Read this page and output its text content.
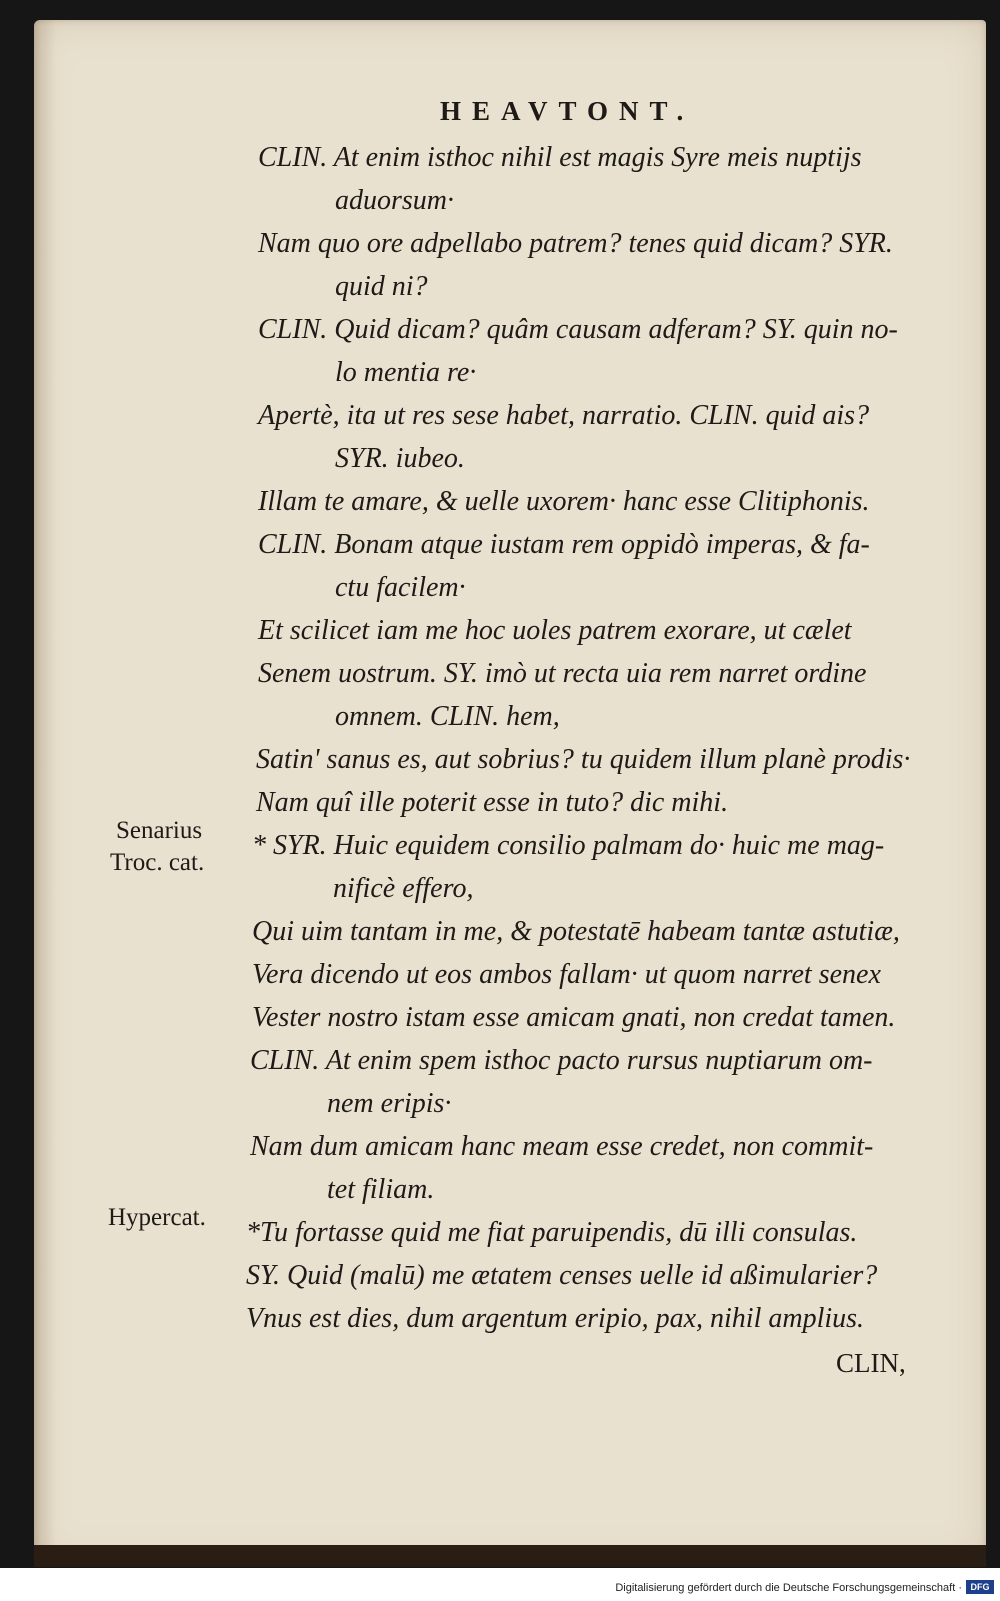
HEAVTONT.
CLIN. At enim isthoc nihil est magis Syre meis nuptijs
aduorsum·
Nam quo ore adpellabo patrem? tenes quid dicam? SYR.
quid ni?
CLIN. Quid dicam? quâm causam adferam? SY. quin no-
lo mentia re·
Apertè, ita ut res sese habet, narratio. CLIN. quid ais?
SYR. iubeo.
Illam te amare, & uelle uxorem· hanc esse Clitiphonis.
CLIN. Bonam atque iustam rem oppidò imperas, & fa-
ctu facilem·
Et scilicet iam me hoc uoles patrem exorare, ut cælet
Senem uostrum. SY. imò ut recta uia rem narret ordine
omnem. CLIN. hem,
Satin' sanus es, aut sobrius? tu quidem illum planè prodis·
Nam quî ille poterit esse in tuto? dic mihi.
* SYR. Huic equidem consilio palmam do· huic me mag-
nificè effero,
Qui uim tantam in me, & potestatē habeam tantæ astutiæ,
Vera dicendo ut eos ambos fallam· ut quom narret senex
Vester nostro istam esse amicam gnati, non credat tamen.
CLIN. At enim spem isthoc pacto rursus nuptiarum om-
nem eripis·
Nam dum amicam hanc meam esse credet, non commit-
tet filiam.
*Tu fortasse quid me fiat paruipendis, dū illi consulas.
SY. Quid (malū) me ætatem censes uelle id aßimularier?
Vnus est dies, dum argentum eripio, pax, nihil amplius.
Senarius
Troc. cat.
Hypercat.
CLIN,
Digitalisierung gefördert durch die Deutsche Forschungsgemeinschaft · DFG
